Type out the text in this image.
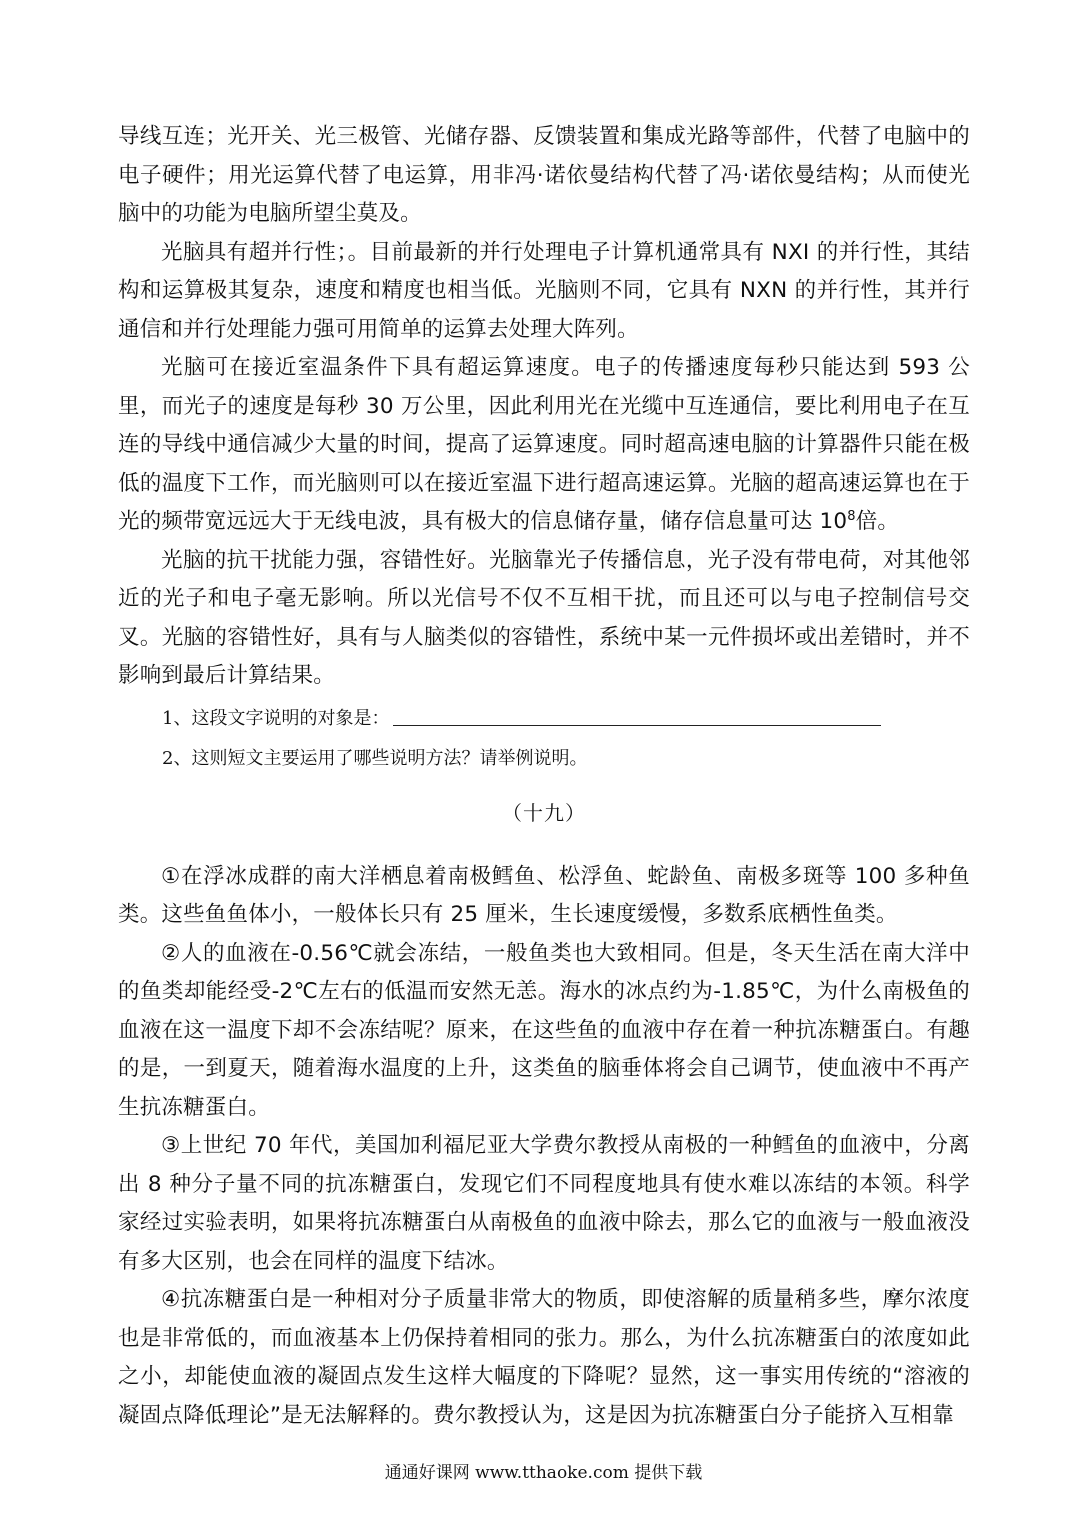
导线互连；光开关、光三极管、光储存器、反馈装置和集成光路等部件，代替了电脑中的电子硬件；用光运算代替了电运算，用非冯·诺依曼结构代替了冯·诺依曼结构；从而使光脑中的功能为电脑所望尘莫及。

光脑具有超并行性；。目前最新的并行处理电子计算机通常具有 NXI 的并行性，其结构和运算极其复杂，速度和精度也相当低。光脑则不同，它具有 NXN 的并行性，其并行通信和并行处理能力强可用简单的运算去处理大阵列。

光脑可在接近室温条件下具有超运算速度。电子的传播速度每秒只能达到 593 公里，而光子的速度是每秒 30 万公里，因此利用光在光缆中互连通信，要比利用电子在互连的导线中通信减少大量的时间，提高了运算速度。同时超高速电脑的计算器件只能在极低的温度下工作，而光脑则可以在接近室温下进行超高速运算。光脑的超高速运算也在于光的频带宽远远大于无线电波，具有极大的信息储存量，储存信息量可达 $10^8$倍。

光脑的抗干扰能力强，容错性好。光脑靠光子传播信息，光子没有带电荷，对其他邻近的光子和电子毫无影响。所以光信号不仅不互相干扰，而且还可以与电子控制信号交叉。光脑的容错性好，具有与人脑类似的容错性，系统中某一元件损坏或出差错时，并不影响到最后计算结果。

1、这段文字说明的对象是：
2、这则短文主要运用了哪些说明方法？请举例说明。
（十九）

①在浮冰成群的南大洋栖息着南极鳕鱼、松浮鱼、蛇龄鱼、南极多斑等 100 多种鱼类。这些鱼鱼体小，一般体长只有 25 厘米，生长速度缓慢，多数系底栖性鱼类。

②人的血液在-0.56℃就会冻结，一般鱼类也大致相同。但是，冬天生活在南大洋中的鱼类却能经受-2℃左右的低温而安然无恙。海水的冰点约为-1.85℃，为什么南极鱼的血液在这一温度下却不会冻结呢？原来，在这些鱼的血液中存在着一种抗冻糖蛋白。有趣的是，一到夏天，随着海水温度的上升，这类鱼的脑垂体将会自己调节，使血液中不再产生抗冻糖蛋白。

③上世纪 70 年代，美国加利福尼亚大学费尔教授从南极的一种鳕鱼的血液中，分离出 8 种分子量不同的抗冻糖蛋白，发现它们不同程度地具有使水难以冻结的本领。科学家经过实验表明，如果将抗冻糖蛋白从南极鱼的血液中除去，那么它的血液与一般血液没有多大区别，也会在同样的温度下结冰。

④抗冻糖蛋白是一种相对分子质量非常大的物质，即使溶解的质量稍多些，摩尔浓度也是非常低的，而血液基本上仍保持着相同的张力。那么，为什么抗冻糖蛋白的浓度如此之小，却能使血液的凝固点发生这样大幅度的下降呢？显然，这一事实用传统的“溶液的凝固点降低理论”是无法解释的。费尔教授认为，这是因为抗冻糖蛋白分子能挤入互相靠

通通好课网 www.tthaoke.com 提供下载
